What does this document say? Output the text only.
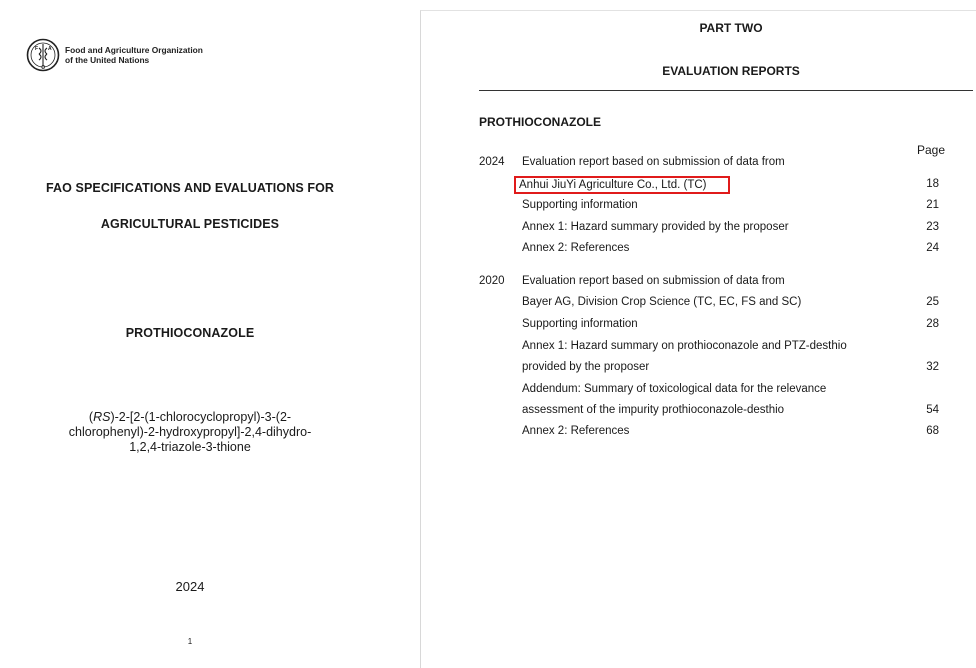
F A
O
Food and Agriculture Organization
of the United Nations
FAO SPECIFICATIONS AND EVALUATIONS FOR
AGRICULTURAL PESTICIDES
PROTHIOCONAZOLE
(RS)-2-[2-(1-chlorocyclopropyl)-3-(2-
chlorophenyl)-2-hydroxypropyl]-2,4-dihydro-
1,2,4-triazole-3-thione
2024
1
PART TWO
EVALUATION REPORTS
PROTHIOCONAZOLE
Page
2024 Evaluation report based on submission of data from
Anhui JiuYi Agriculture Co., Ltd. (TC)	18
Supporting information	21
Annex 1: Hazard summary provided by the proposer	23
Annex 2: References	24
2020 Evaluation report based on submission of data from
Bayer AG, Division Crop Science (TC, EC, FS and SC)	25
Supporting information	28
Annex 1: Hazard summary on prothioconazole and PTZ-desthio
provided by the proposer	32
Addendum: Summary of toxicological data for the relevance
assessment of the impurity prothioconazole-desthio	54
Annex 2: References	68
